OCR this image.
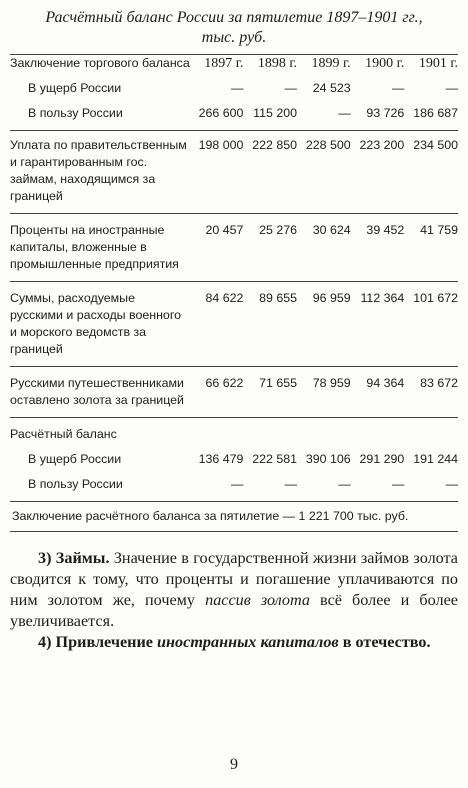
Расчётный баланс России за пятилетие 1897–1901 гг.,
тыс. руб.
Заключение торгового баланса	1897 г.	1898 г.	1899 г.	1900 г.	1901 г.

В ущерб России	—	—	24 523	—	—

В пользу России	266 600	115 200	—	93 726	186 687

Уплата по правительственным и гарантированным гос. займам, находящимся за границей	198 000	222 850	228 500	223 200	234 500

Проценты на иностранные капиталы, вложенные в промышленные предприятия	20 457	25 276	30 624	39 452	41 759

Суммы, расходуемые русскими и расходы военного и морского ведомств за границей	84 622	89 655	96 959	112 364	101 672

Русскими путешественниками оставлено золота за границей	66 622	71 655	78 959	94 364	83 672

Расчётный баланс					

В ущерб России	136 479	222 581	390 106	291 290	191 244

В пользу России	—	—	—	—	—

Заключение расчётного баланса за пятилетие — 1 221 700 тыс. руб.

3) Займы. Значение в государственной жизни займов золота сводится к тому, что проценты и погашение уплачиваются по ним золотом же, почему пассив золота всё более и более увеличивается.

4) Привлечение иностранных капиталов в отечество.

9
